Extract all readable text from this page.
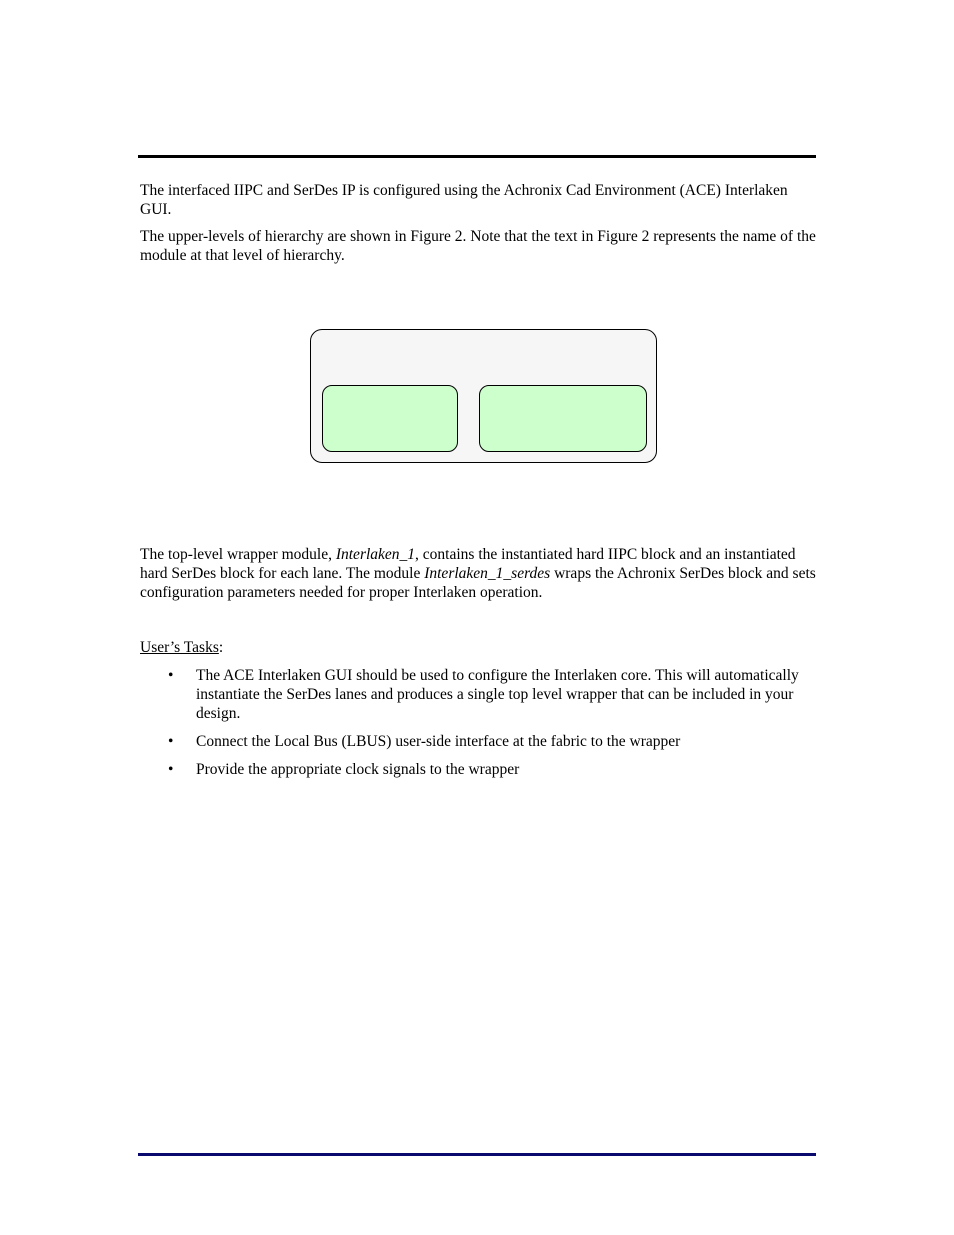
The interfaced IIPC and SerDes IP is configured using the Achronix Cad Environment (ACE) Interlaken GUI.

The upper-levels of hierarchy are shown in Figure 2. Note that the text in Figure 2 represents the name of the module at that level of hierarchy.

The top-level wrapper module, Interlaken_1, contains the instantiated hard IIPC block and an instantiated hard SerDes block for each lane. The module Interlaken_1_serdes wraps the Achronix SerDes block and sets configuration parameters needed for proper Interlaken operation.

User’s Tasks:
• The ACE Interlaken GUI should be used to configure the Interlaken core. This will automatically instantiate the SerDes lanes and produces a single top level wrapper that can be included in your design.
• Connect the Local Bus (LBUS) user-side interface at the fabric to the wrapper
• Provide the appropriate clock signals to the wrapper
